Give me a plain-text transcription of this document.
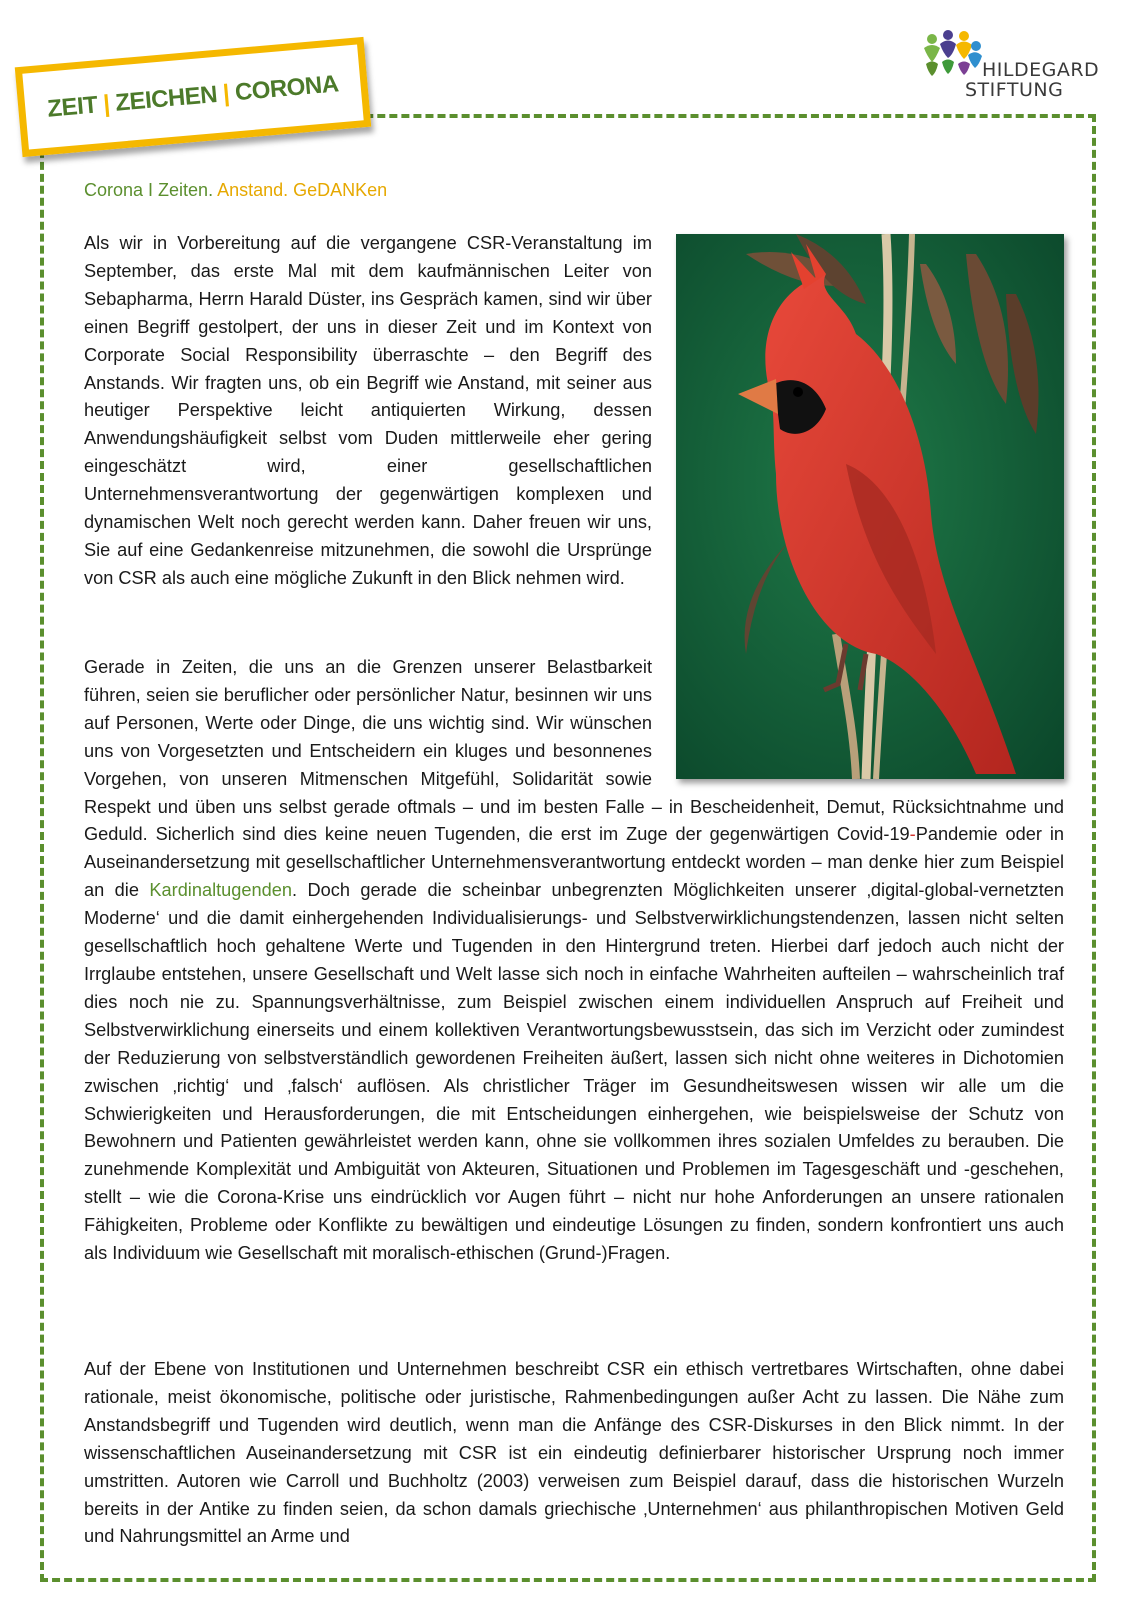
ZEIT | ZEICHEN | CORONA
HILDEGARD
STIFTUNG
Corona I Zeiten. Anstand. GeDANKen

Als wir in Vorbereitung auf die vergangene CSR-Veranstaltung im September, das erste Mal mit dem kaufmännischen Leiter von Sebapharma, Herrn Harald Düster, ins Gespräch kamen, sind wir über einen Begriff gestolpert, der uns in dieser Zeit und im Kontext von Corporate Social Responsibility überraschte – den Begriff des Anstands. Wir fragten uns, ob ein Begriff wie Anstand, mit seiner aus heutiger Perspektive leicht antiquierten Wirkung, dessen Anwendungshäufigkeit selbst vom Duden mittlerweile eher gering eingeschätzt wird, einer gesellschaftlichen Unternehmensverantwortung der gegenwärtigen komplexen und dynamischen Welt noch gerecht werden kann. Daher freuen wir uns, Sie auf eine Gedankenreise mitzunehmen, die sowohl die Ursprünge von CSR als auch eine mögliche Zukunft in den Blick nehmen wird.

Gerade in Zeiten, die uns an die Grenzen unserer Belastbarkeit führen, seien sie beruflicher oder persönlicher Natur, besinnen wir uns auf Personen, Werte oder Dinge, die uns wichtig sind. Wir wünschen uns von Vorgesetzten und Entscheidern ein kluges und besonnenes Vorgehen, von unseren Mitmenschen Mitgefühl, Solidarität sowie Respekt und üben uns selbst gerade oftmals – und im besten Falle – in Bescheidenheit, Demut, Rücksichtnahme und Geduld. Sicherlich sind dies keine neuen Tugenden, die erst im Zuge der gegenwärtigen Covid-19-Pandemie oder in Auseinandersetzung mit gesellschaftlicher Unternehmensverantwortung entdeckt worden – man denke hier zum Beispiel an die Kardinaltugenden. Doch gerade die scheinbar unbegrenzten Möglichkeiten unserer ‚digital-global-vernetzten Moderne‘ und die damit einhergehenden Individualisierungs- und Selbstverwirklichungstendenzen, lassen nicht selten gesellschaftlich hoch gehaltene Werte und Tugenden in den Hintergrund treten. Hierbei darf jedoch auch nicht der Irrglaube entstehen, unsere Gesellschaft und Welt lasse sich noch in einfache Wahrheiten aufteilen – wahrscheinlich traf dies noch nie zu. Spannungsverhältnisse, zum Beispiel zwischen einem individuellen Anspruch auf Freiheit und Selbstverwirklichung einerseits und einem kollektiven Verantwortungsbewusstsein, das sich im Verzicht oder zumindest der Reduzierung von selbstverständlich gewordenen Freiheiten äußert, lassen sich nicht ohne weiteres in Dichotomien zwischen ‚richtig‘ und ‚falsch‘ auflösen. Als christlicher Träger im Gesundheitswesen wissen wir alle um die Schwierigkeiten und Herausforderungen, die mit Entscheidungen einhergehen, wie beispielsweise der Schutz von Bewohnern und Patienten gewährleistet werden kann, ohne sie vollkommen ihres sozialen Umfeldes zu berauben. Die zunehmende Komplexität und Ambiguität von Akteuren, Situationen und Problemen im Tagesgeschäft und -geschehen, stellt – wie die Corona-Krise uns eindrücklich vor Augen führt – nicht nur hohe Anforderungen an unsere rationalen Fähigkeiten, Probleme oder Konflikte zu bewältigen und eindeutige Lösungen zu finden, sondern konfrontiert uns auch als Individuum wie Gesellschaft mit moralisch-ethischen (Grund-)Fragen.

Auf der Ebene von Institutionen und Unternehmen beschreibt CSR ein ethisch vertretbares Wirtschaften, ohne dabei rationale, meist ökonomische, politische oder juristische, Rahmenbedingungen außer Acht zu lassen. Die Nähe zum Anstandsbegriff und Tugenden wird deutlich, wenn man die Anfänge des CSR-Diskurses in den Blick nimmt. In der wissenschaftlichen Auseinandersetzung mit CSR ist ein eindeutig definierbarer historischer Ursprung noch immer umstritten. Autoren wie Carroll und Buchholtz (2003) verweisen zum Beispiel darauf, dass die historischen Wurzeln bereits in der Antike zu finden seien, da schon damals griechische ‚Unternehmen‘ aus philanthropischen Motiven Geld und Nahrungsmittel an Arme und
